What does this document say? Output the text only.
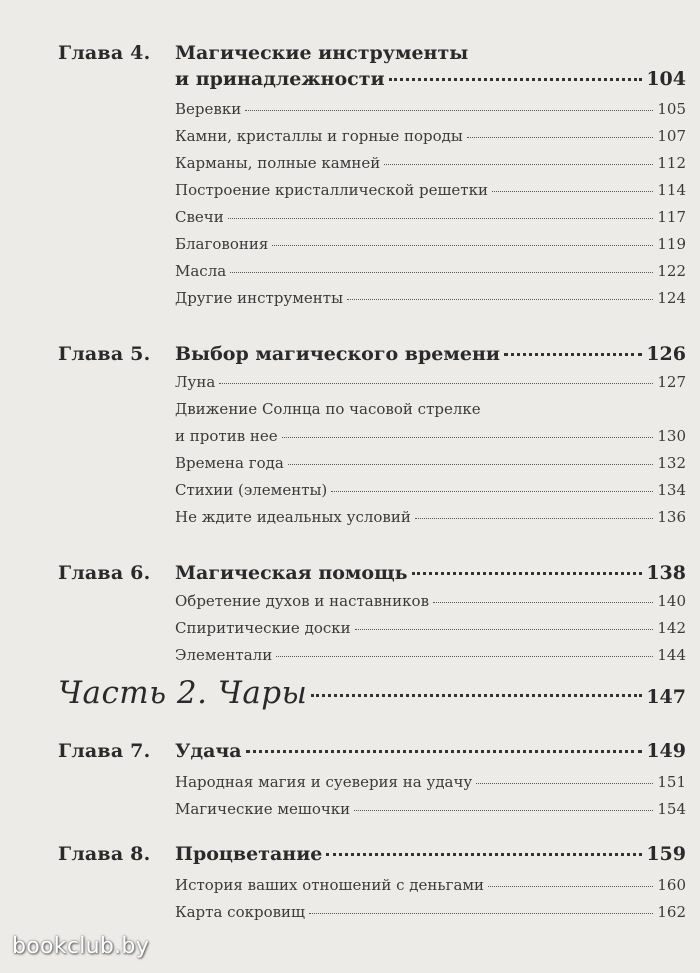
Глава 4. Магические инструменты
и принадлежности	104
Веревки	105
Камни, кристаллы и горные породы	107
Карманы, полные камней	112
Построение кристаллической решетки	114
Свечи	117
Благовония	119
Масла	122
Другие инструменты	124
Глава 5. Выбор магического времени	126
Луна	127
Движение Солнца по часовой стрелке
и против нее	130
Времена года	132
Стихии (элементы)	134
Не ждите идеальных условий	136
Глава 6. Магическая помощь	138
Обретение духов и наставников	140
Спиритические доски	142
Элементали	144
Часть 2. Чары	147
Глава 7. Удача	149
Народная магия и суеверия на удачу	151
Магические мешочки	154
Глава 8. Процветание	159
История ваших отношений с деньгами	160
Карта сокровищ	162
bookclub.by
